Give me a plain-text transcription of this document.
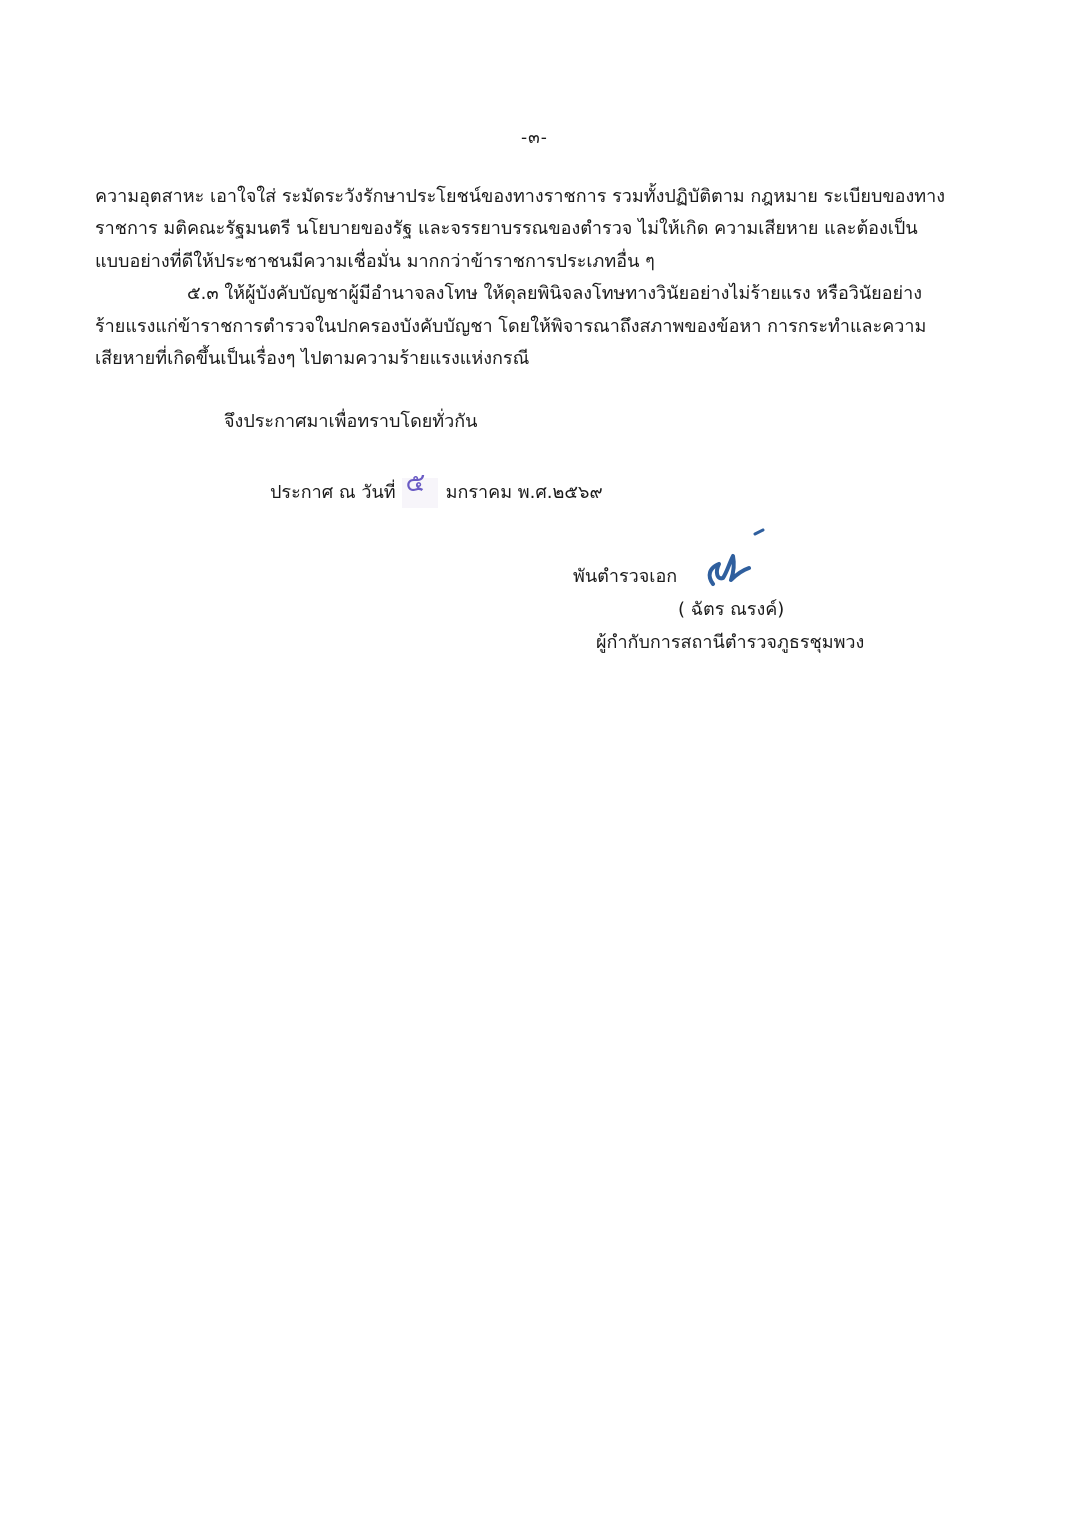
-๓-
ความอุตสาหะ เอาใจใส่ ระมัดระวังรักษาประโยชน์ของทางราชการ รวมทั้งปฏิบัติตาม กฎหมาย ระเบียบของทาง
ราชการ มติคณะรัฐมนตรี นโยบายของรัฐ และจรรยาบรรณของตำรวจ ไม่ให้เกิด ความเสียหาย และต้องเป็น
แบบอย่างที่ดีให้ประชาชนมีความเชื่อมั่น มากกว่าข้าราชการประเภทอื่น ๆ
๕.๓ ให้ผู้บังคับบัญชาผู้มีอำนาจลงโทษ ให้ดุลยพินิจลงโทษทางวินัยอย่างไม่ร้ายแรง หรือวินัยอย่าง
ร้ายแรงแก่ข้าราชการตำรวจในปกครองบังคับบัญชา โดยให้พิจารณาถึงสภาพของข้อหา การกระทำและความ
เสียหายที่เกิดขึ้นเป็นเรื่องๆ ไปตามความร้ายแรงแห่งกรณี
จึงประกาศมาเพื่อทราบโดยทั่วกัน
ประกาศ ณ วันที่ ๕ มกราคม พ.ศ.๒๕๖๙
พันตำรวจเอก
( ฉัตร ณรงค์)
ผู้กำกับการสถานีตำรวจภูธรชุมพวง
